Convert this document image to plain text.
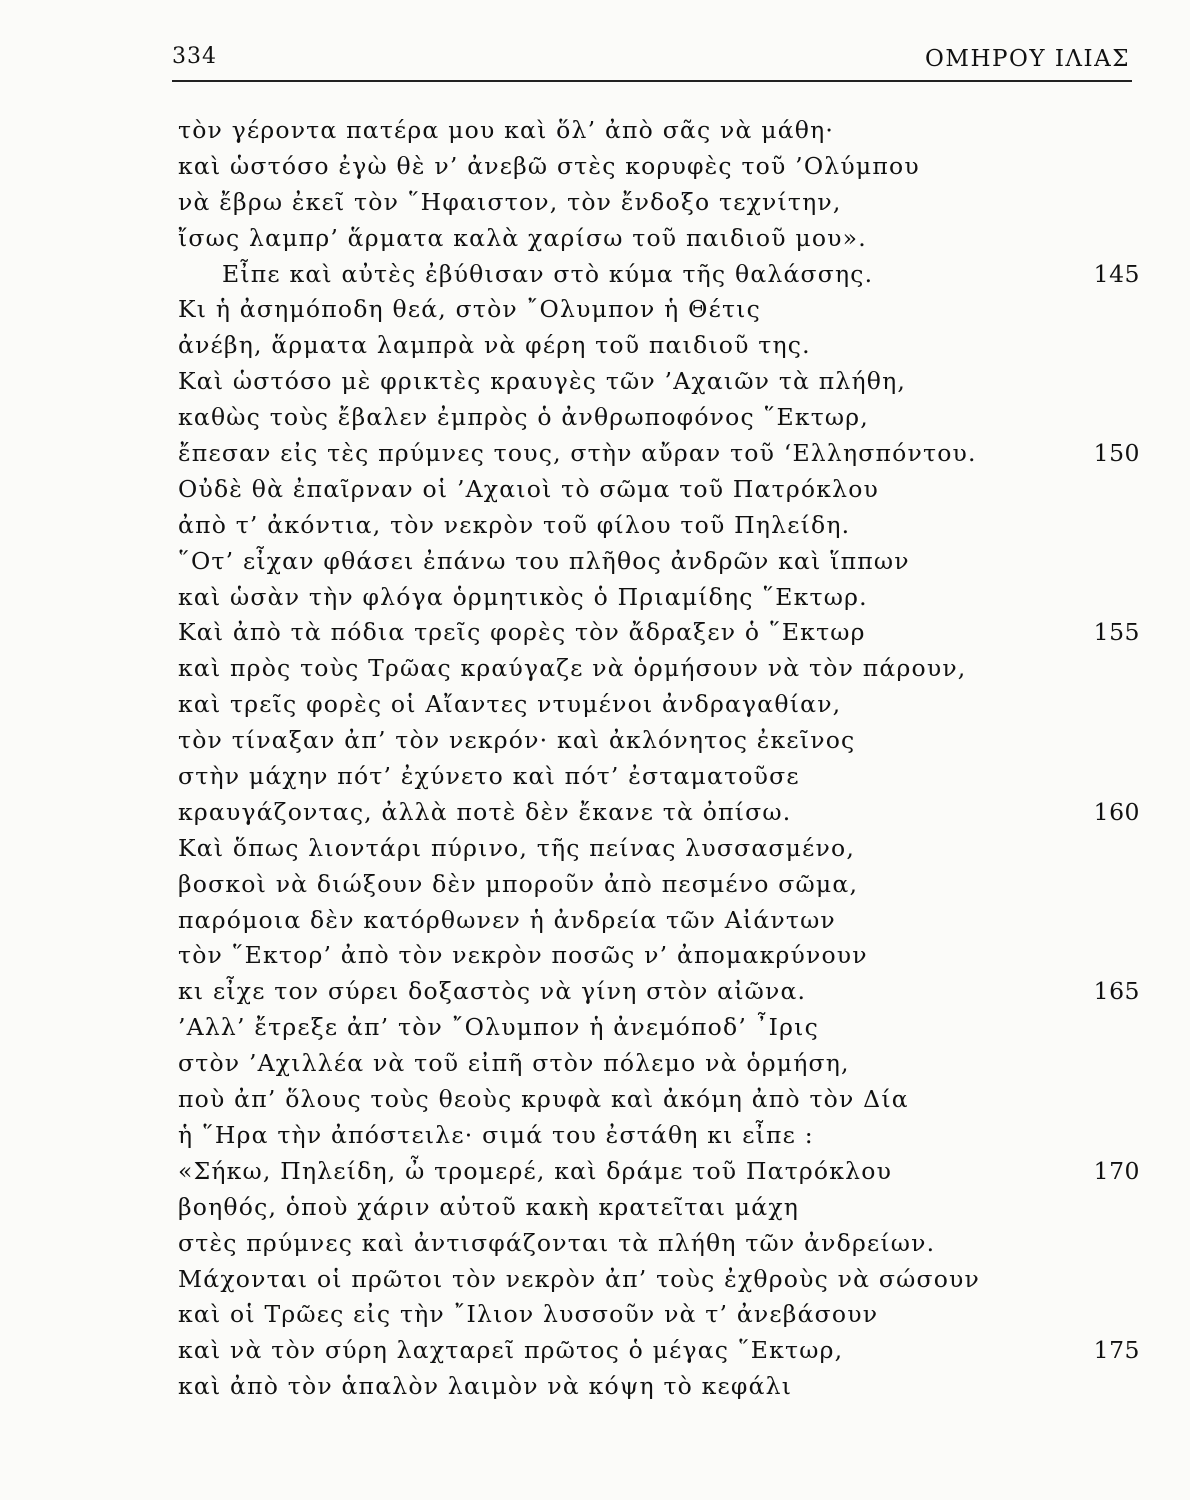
334	ΟΜΗΡΟΥ ΙΛΙΑΣ
τὸν γέροντα πατέρα μου καὶ ὅλ’ ἀπὸ σᾶς νὰ μάθη·
καὶ ὡστόσο ἐγὼ θὲ ν’ ἀνεβῶ στὲς κορυφὲς τοῦ ’Ολύμπου
νὰ ἔβρω ἐκεῖ τὸν ῞Ηφαιστον, τὸν ἔνδοξο τεχνίτην,
ἴσως λαμπρ’ ἅρματα καλὰ χαρίσω τοῦ παιδιοῦ μου».
Εἶπε καὶ αὐτὲς ἐβύθισαν στὸ κύμα τῆς θαλάσσης.	145
Κι ἡ ἀσημόποδη θεά, στὸν ῎Ολυμπον ἡ Θέτις
ἀνέβη, ἅρματα λαμπρὰ νὰ φέρη τοῦ παιδιοῦ της.
Καὶ ὡστόσο μὲ φρικτὲς κραυγὲς τῶν ’Αχαιῶν τὰ πλήθη,
καθὼς τοὺς ἔβαλεν ἐμπρὸς ὁ ἀνθρωποφόνος ῞Εκτωρ,
ἔπεσαν εἰς τὲς πρύμνες τους, στὴν αὔραν τοῦ ‘Ελλησπόντου.	150
Οὐδὲ θὰ ἐπαῖρναν οἱ ’Αχαιοὶ τὸ σῶμα τοῦ Πατρόκλου
ἀπὸ τ’ ἀκόντια, τὸν νεκρὸν τοῦ φίλου τοῦ Πηλείδη.
῞Οτ’ εἶχαν φθάσει ἐπάνω του πλῆθος ἀνδρῶν καὶ ἵππων
καὶ ὡσὰν τὴν φλόγα ὁρμητικὸς ὁ Πριαμίδης ῞Εκτωρ.
Καὶ ἀπὸ τὰ πόδια τρεῖς φορὲς τὸν ἄδραξεν ὁ ῞Εκτωρ	155
καὶ πρὸς τοὺς Τρῶας κραύγαζε νὰ ὁρμήσουν νὰ τὸν πάρουν,
καὶ τρεῖς φορὲς οἱ Αἴαντες ντυμένοι ἀνδραγαθίαν,
τὸν τίναξαν ἀπ’ τὸν νεκρόν· καὶ ἀκλόνητος ἐκεῖνος
στὴν μάχην πότ’ ἐχύνετο καὶ πότ’ ἐσταματοῦσε
κραυγάζοντας, ἀλλὰ ποτὲ δὲν ἔκανε τὰ ὀπίσω.	160
Καὶ ὅπως λιοντάρι πύρινο, τῆς πείνας λυσσασμένο,
βοσκοὶ νὰ διώξουν δὲν μποροῦν ἀπὸ πεσμένο σῶμα,
παρόμοια δὲν κατόρθωνεν ἡ ἀνδρεία τῶν Αἰάντων
τὸν ῞Εκτορ’ ἀπὸ τὸν νεκρὸν ποσῶς ν’ ἀπομακρύνουν
κι εἶχε τον σύρει δοξαστὸς νὰ γίνη στὸν αἰῶνα.	165
’Αλλ’ ἔτρεξε ἀπ’ τὸν ῎Ολυμπον ἡ ἀνεμόποδ’ ῏Ιρις
στὸν ’Αχιλλέα νὰ τοῦ εἰπῆ στὸν πόλεμο νὰ ὁρμήση,
ποὺ ἀπ’ ὅλους τοὺς θεοὺς κρυφὰ καὶ ἀκόμη ἀπὸ τὸν Δία
ἡ ῞Ηρα τὴν ἀπόστειλε· σιμά του ἐστάθη κι εἶπε :
«Σήκω, Πηλείδη, ὦ τρομερέ, καὶ δράμε τοῦ Πατρόκλου	170
βοηθός, ὁποὺ χάριν αὐτοῦ κακὴ κρατεῖται μάχη
στὲς πρύμνες καὶ ἀντισφάζονται τὰ πλήθη τῶν ἀνδρείων.
Μάχονται οἱ πρῶτοι τὸν νεκρὸν ἀπ’ τοὺς ἐχθροὺς νὰ σώσουν
καὶ οἱ Τρῶες εἰς τὴν ῎Ιλιον λυσσοῦν νὰ τ’ ἀνεβάσουν
καὶ νὰ τὸν σύρη λαχταρεῖ πρῶτος ὁ μέγας ῞Εκτωρ,	175
καὶ ἀπὸ τὸν ἁπαλὸν λαιμὸν νὰ κόψη τὸ κεφάλι
